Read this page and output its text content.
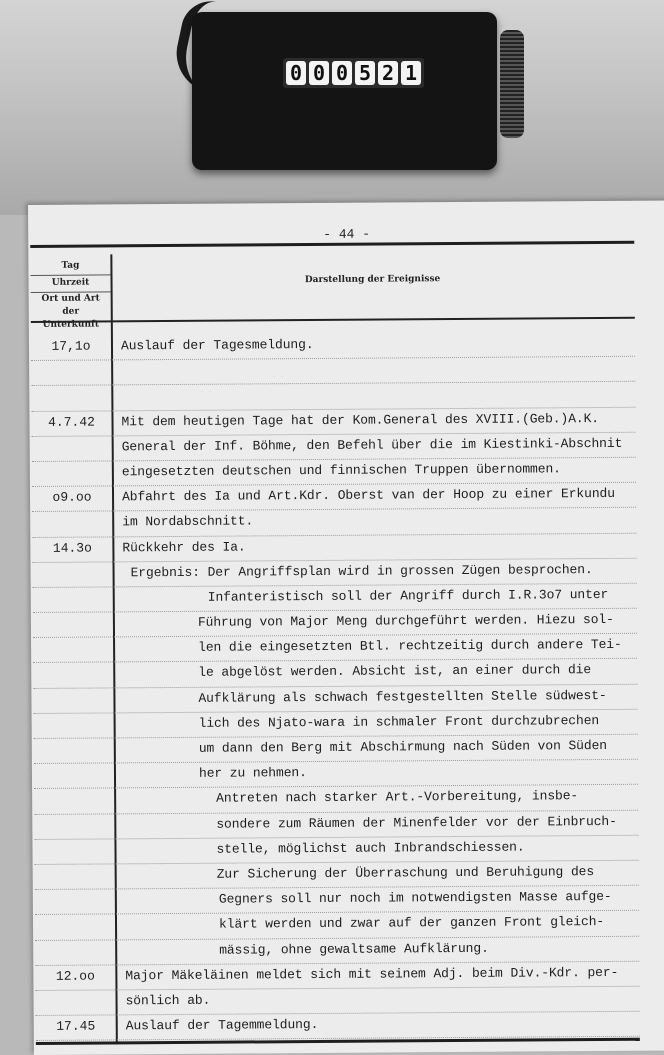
0 0 0 5 2 1
- 44 -
Tag
Uhrzeit
Ort und Art der Unterkunft
Darstellung der Ereignisse
17,1o	Auslauf der Tagesmeldung.
4.7.42	Mit dem heutigen Tage hat der Kom.General des XVIII.(Geb.)A.K.
General der Inf. Böhme, den Befehl über die im Kiestinki-Abschnit
eingesetzten deutschen und finnischen Truppen übernommen.
o9.oo	Abfahrt des Ia und Art.Kdr. Oberst van der Hoop zu einer Erkundu
im Nordabschnitt.
14.3o	Rückkehr des Ia.
Ergebnis: Der Angriffsplan wird in grossen Zügen besprochen.
Infanteristisch soll der Angriff durch I.R.3o7 unter
Führung von Major Meng durchgeführt werden. Hiezu sol-
len die eingesetzten Btl. rechtzeitig durch andere Tei-
le abgelöst werden. Absicht ist, an einer durch die
Aufklärung als schwach festgestellten Stelle südwest-
lich des Njato-wara in schmaler Front durchzubrechen
um dann den Berg mit Abschirmung nach Süden von Süden
her zu nehmen.
Antreten nach starker Art.-Vorbereitung, insbe-
sondere zum Räumen der Minenfelder vor der Einbruch-
stelle, möglichst auch Inbrandschiessen.
Zur Sicherung der Überraschung und Beruhigung des
Gegners soll nur noch im notwendigsten Masse aufge-
klärt werden und zwar auf der ganzen Front gleich-
mässig, ohne gewaltsame Aufklärung.
12.oo	Major Mäkeläinen meldet sich mit seinem Adj. beim Div.-Kdr. per-
sönlich ab.
17.45	Auslauf der Tagemmeldung.
